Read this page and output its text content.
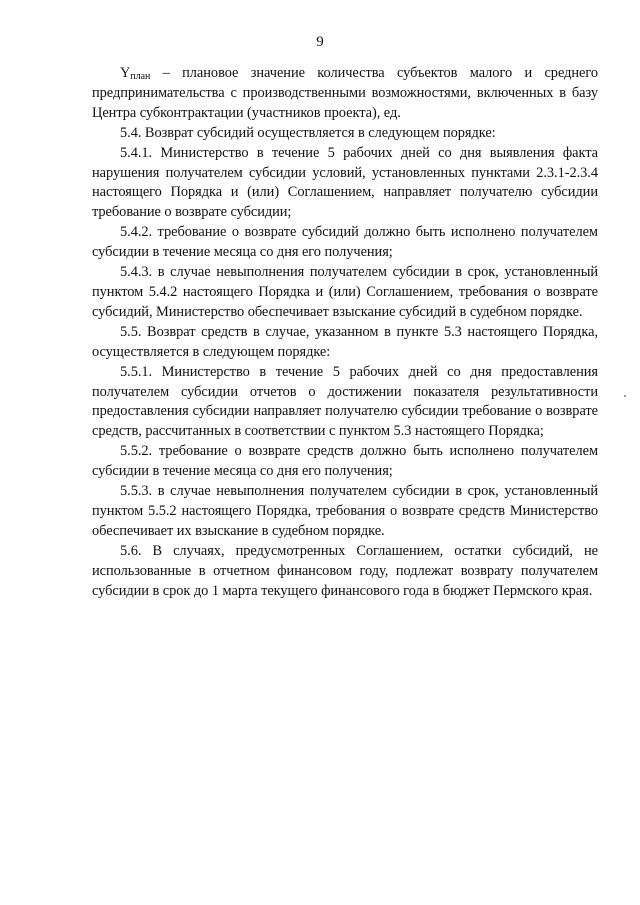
9

$Y_{план}$ – плановое значение количества субъектов малого и среднего предпринимательства с производственными возможностями, включенных в базу Центра субконтрактации (участников проекта), ед.

5.4. Возврат субсидий осуществляется в следующем порядке:

5.4.1. Министерство в течение 5 рабочих дней со дня выявления факта нарушения получателем субсидии условий, установленных пунктами 2.3.1-2.3.4 настоящего Порядка и (или) Соглашением, направляет получателю субсидии требование о возврате субсидии;

5.4.2. требование о возврате субсидий должно быть исполнено получателем субсидии в течение месяца со дня его получения;

5.4.3. в случае невыполнения получателем субсидии в срок, установленный пунктом 5.4.2 настоящего Порядка и (или) Соглашением, требования о возврате субсидий, Министерство обеспечивает взыскание субсидий в судебном порядке.

5.5. Возврат средств в случае, указанном в пункте 5.3 настоящего Порядка, осуществляется в следующем порядке:

5.5.1. Министерство в течение 5 рабочих дней со дня предоставления получателем субсидии отчетов о достижении показателя результативности предоставления субсидии направляет получателю субсидии требование о возврате средств, рассчитанных в соответствии с пунктом 5.3 настоящего Порядка;

5.5.2. требование о возврате средств должно быть исполнено получателем субсидии в течение месяца со дня его получения;

5.5.3. в случае невыполнения получателем субсидии в срок, установленный пунктом 5.5.2 настоящего Порядка, требования о возврате средств Министерство обеспечивает их взыскание в судебном порядке.

5.6. В случаях, предусмотренных Соглашением, остатки субсидий, не использованные в отчетном финансовом году, подлежат возврату получателем субсидии в срок до 1 марта текущего финансового года в бюджет Пермского края.
